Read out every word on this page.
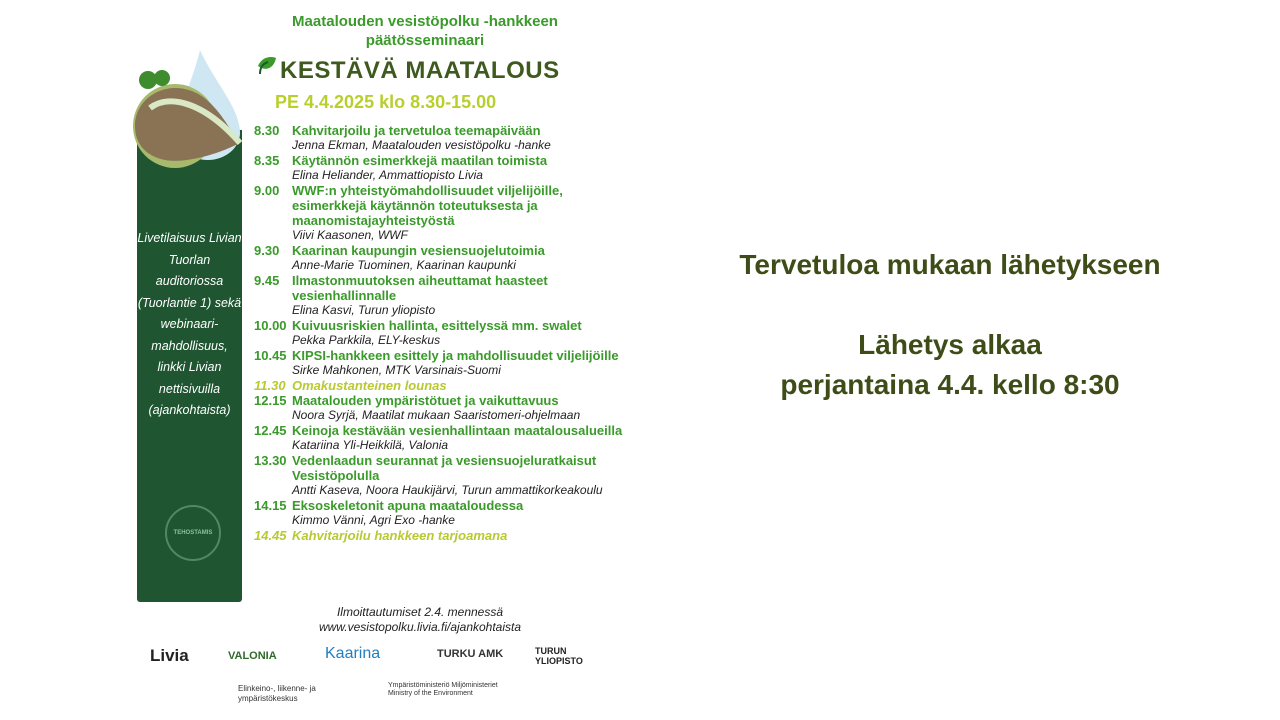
Maatalouden vesistöpolku -hankkeen päätösseminaari
KESTÄVÄ MAATALOUS
PE 4.4.2025 klo 8.30-15.00
Livetilaisuus Livian Tuorlan auditoriossa (Tuorlantie 1) sekä webinaari-mahdollisuus, linkki Livian nettisivuilla (ajankohtaista)
TEHOSTAMIS
8.30 Kahvitarjoilu ja tervetuloa teemapäivään
Jenna Ekman, Maatalouden vesistöpolku -hanke
8.35 Käytännön esimerkkejä maatilan toimista
Elina Heliander, Ammattiopisto Livia
9.00 WWF:n yhteistyömahdollisuudet viljelijöille, esimerkkejä käytännön toteutuksesta ja maanomistajayhteistyöstä
Viivi Kaasonen, WWF
9.30 Kaarinan kaupungin vesiensuojelutoimia
Anne-Marie Tuominen, Kaarinan kaupunki
9.45 Ilmastonmuutoksen aiheuttamat haasteet vesienhallinnalle
Elina Kasvi, Turun yliopisto
10.00 Kuivuusriskien hallinta, esittelyssä mm. swalet
Pekka Parkkila, ELY-keskus
10.45 KIPSI-hankkeen esittely ja mahdollisuudet viljelijöille
Sirke Mahkonen, MTK Varsinais-Suomi
11.30 Omakustanteinen lounas
12.15 Maatalouden ympäristötuet ja vaikuttavuus
Noora Syrjä, Maatilat mukaan Saaristomeri-ohjelmaan
12.45 Keinoja kestävään vesienhallintaan maatalousalueilla
Katariina Yli-Heikkilä, Valonia
13.30 Vedenlaadun seurannat ja vesiensuojeluratkaisut Vesistöpolulla
Antti Kaseva, Noora Haukijärvi, Turun ammattikorkeakoulu
14.15 Eksoskeletonit apuna maataloudessa
Kimmo Vänni, Agri Exo -hanke
14.45 Kahvitarjoilu hankkeen tarjoamana
Ilmoittautumiset 2.4. mennessä
www.vesistopolku.livia.fi/ajankohtaista
Livia	VALONIA	Kaarina	TURKU AMK	TURUN YLIOPISTO
Elinkeino-, liikenne- ja ympäristökeskus
Ympäristöministeriö Miljöministeriet Ministry of the Environment
Tervetuloa mukaan lähetykseen
Lähetys alkaa
perjantaina 4.4. kello 8:30
